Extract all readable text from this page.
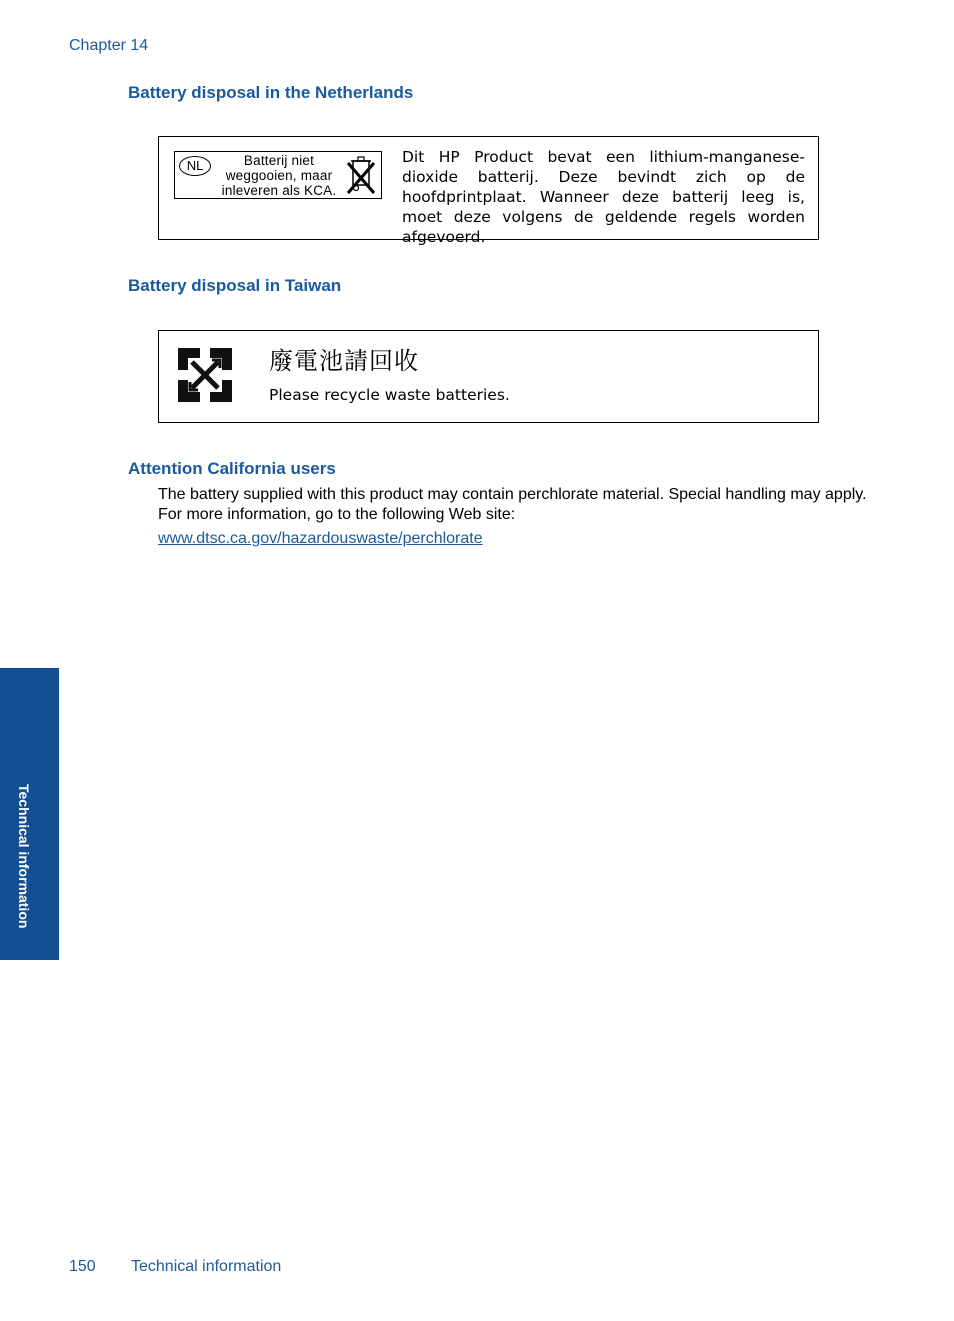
Chapter 14
Battery disposal in the Netherlands
NL	Batterij niet
weggooien, maar
inleveren als KCA.
Dit HP Product bevat een lithium-manganese-dioxide batterij. Deze bevindt zich op de hoofdprintplaat. Wanneer deze batterij leeg is, moet deze volgens de geldende regels worden afgevoerd.
Battery disposal in Taiwan
廢電池請回收
Please recycle waste batteries.
Attention California users
The battery supplied with this product may contain perchlorate material. Special handling may apply.
For more information, go to the following Web site:
www.dtsc.ca.gov/hazardouswaste/perchlorate
Technical information
150 Technical information
